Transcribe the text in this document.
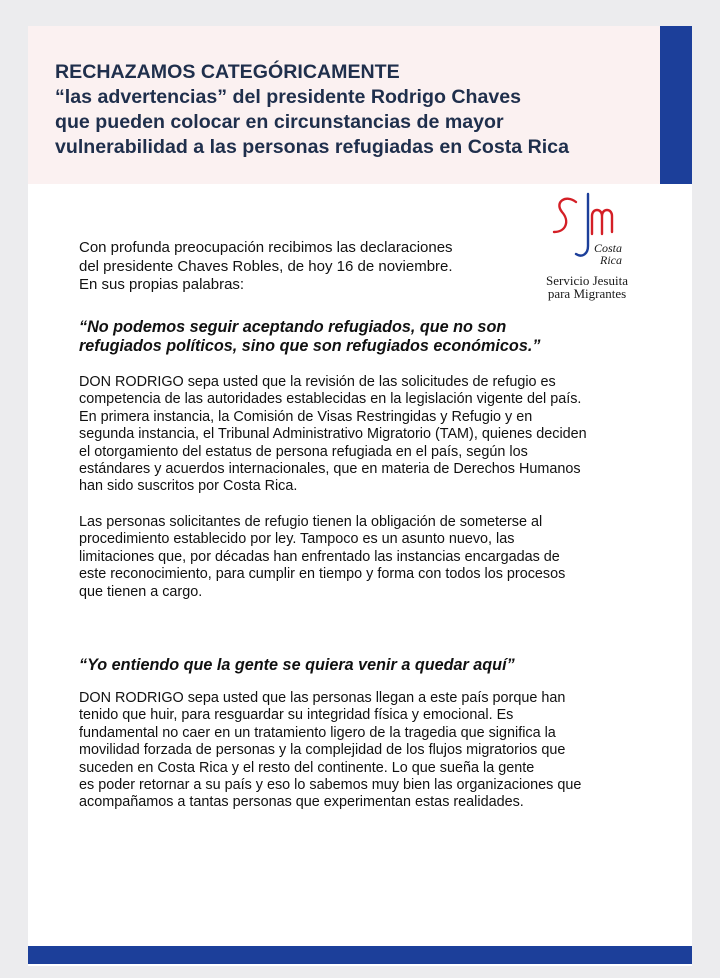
RECHAZAMOS CATEGÓRICAMENTE
“las advertencias” del presidente Rodrigo Chaves
que pueden colocar en circunstancias de mayor
vulnerabilidad a las personas refugiadas en Costa Rica
Costa
Rica
Servicio Jesuita
para Migrantes

Con profunda preocupación recibimos las declaraciones
del presidente Chaves Robles, de hoy 16 de noviembre.
En sus propias palabras:

“No podemos seguir aceptando refugiados, que no son
refugiados políticos, sino que son refugiados económicos.”

DON RODRIGO sepa usted que la revisión de las solicitudes de refugio es
competencia de las autoridades establecidas en la legislación vigente del país.
En primera instancia, la Comisión de Visas Restringidas y Refugio y en
segunda instancia, el Tribunal Administrativo Migratorio (TAM), quienes deciden
el otorgamiento del estatus de persona refugiada en el país, según los
estándares y acuerdos internacionales, que en materia de Derechos Humanos
han sido suscritos por Costa Rica.

Las personas solicitantes de refugio tienen la obligación de someterse al
procedimiento establecido por ley. Tampoco es un asunto nuevo, las
limitaciones que, por décadas han enfrentado las instancias encargadas de
este reconocimiento, para cumplir en tiempo y forma con todos los procesos
que tienen a cargo.

“Yo entiendo que la gente se quiera venir a quedar aquí”

DON RODRIGO sepa usted que las personas llegan a este país porque han
tenido que huir, para resguardar su integridad física y emocional. Es
fundamental no caer en un tratamiento ligero de la tragedia que significa la
movilidad forzada de personas y la complejidad de los flujos migratorios que
suceden en Costa Rica y el resto del continente. Lo que sueña la gente
es poder retornar a su país y eso lo sabemos muy bien las organizaciones que
acompañamos a tantas personas que experimentan estas realidades.
